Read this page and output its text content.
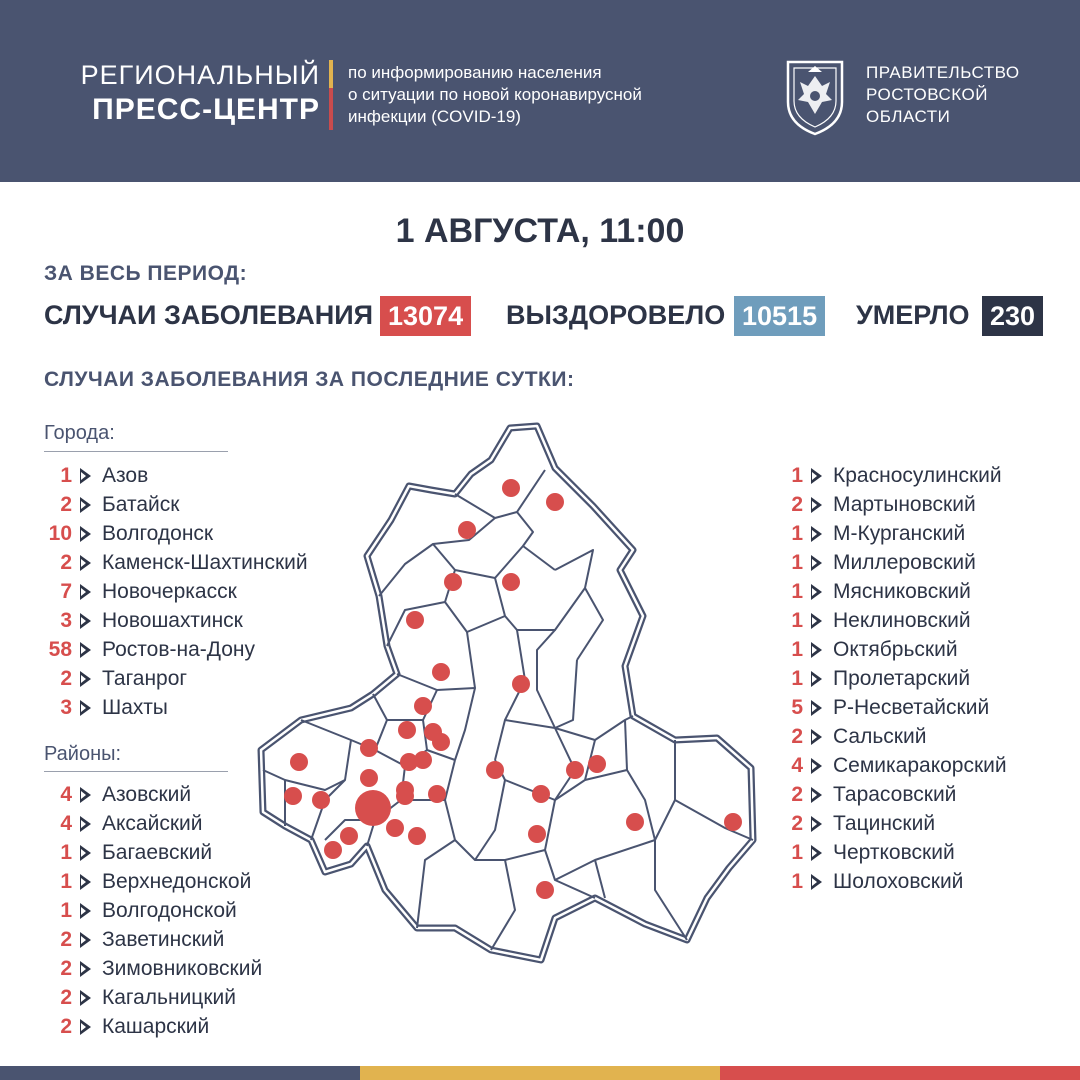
РЕГИОНАЛЬНЫЙ
ПРЕСС-ЦЕНТР
по информированию населения
о ситуации по новой коронавирусной
инфекции (COVID-19)
ПРАВИТЕЛЬСТВО
РОСТОВСКОЙ
ОБЛАСТИ
1 АВГУСТА, 11:00
ЗА ВЕСЬ ПЕРИОД:
СЛУЧАИ ЗАБОЛЕВАНИЯ 13074 ВЫЗДОРОВЕЛО 10515 УМЕРЛО 230
СЛУЧАИ ЗАБОЛЕВАНИЯ ЗА ПОСЛЕДНИЕ СУТКИ:
Города:
1 Азов
2 Батайск
10 Волгодонск
2 Каменск-Шахтинский
7 Новочеркасск
3 Новошахтинск
58 Ростов-на-Дону
2 Таганрог
3 Шахты
Районы:
4 Азовский
4 Аксайский
1 Багаевский
1 Верхнедонской
1 Волгодонской
2 Заветинский
2 Зимовниковский
2 Кагальницкий
2 Кашарский
1 Красносулинский
2 Мартыновский
1 М-Курганский
1 Миллеровский
1 Мясниковский
1 Неклиновский
1 Октябрьский
1 Пролетарский
5 Р-Несветайский
2 Сальский
4 Семикаракорский
2 Тарасовский
2 Тацинский
1 Чертковский
1 Шолоховский
